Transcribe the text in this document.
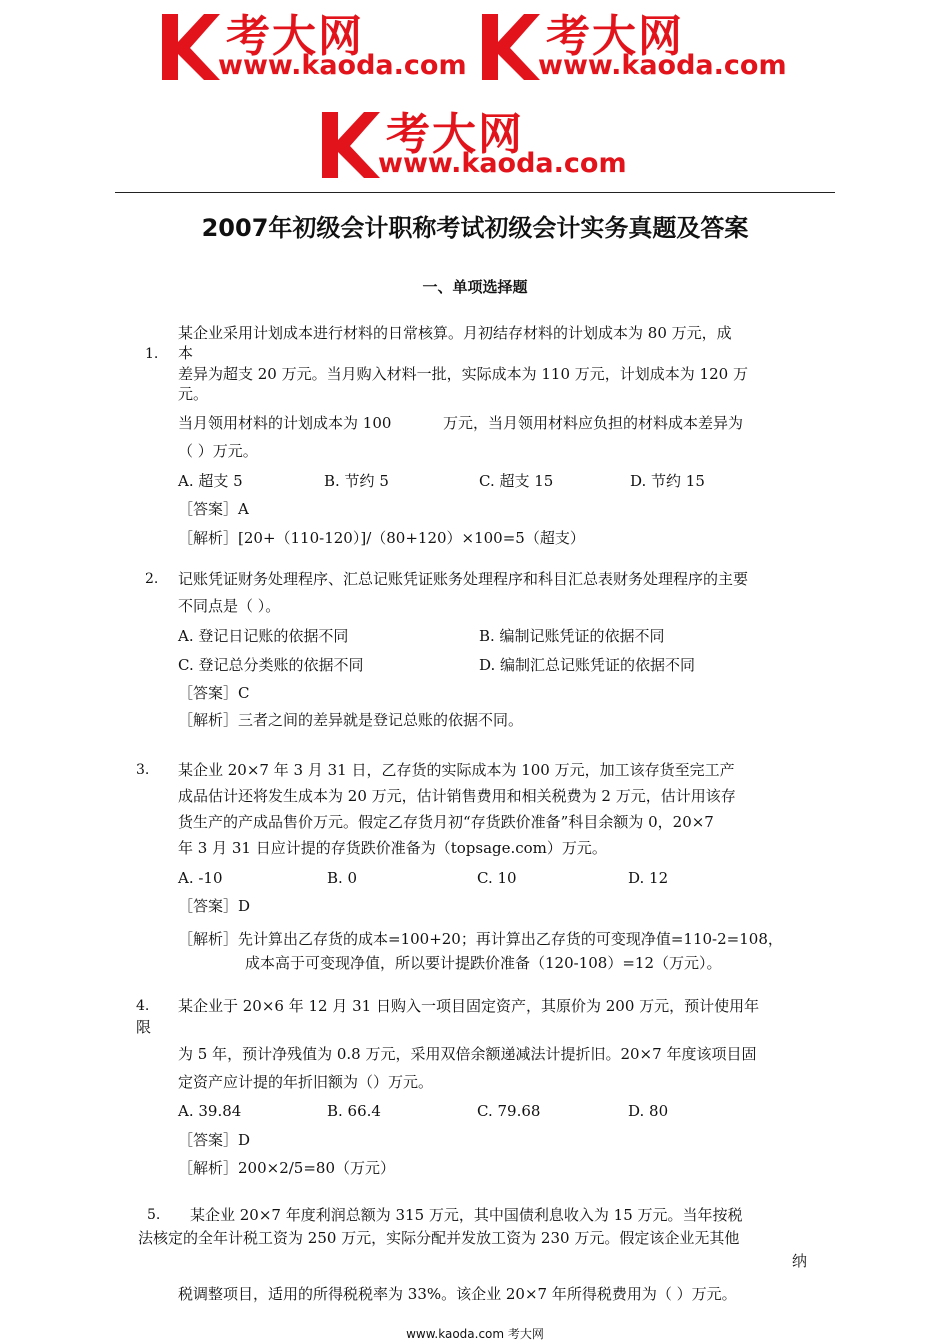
考大网
www.kaoda.com
考大网
www.kaoda.com
考大网
www.kaoda.com
2007年初级会计职称考试初级会计实务真题及答案
一、单项选择题
1.
某企业采用计划成本进行材料的日常核算。月初结存材料的计划成本为 80 万元，成
本
差异为超支 20 万元。当月购入材料一批，实际成本为 110 万元，计划成本为 120 万
元。
当月领用材料的计划成本为 100	万元，当月领用材料应负担的材料成本差异为
（ ）万元。
A. 超支 5	B. 节约 5	C. 超支 15	D. 节约 15
［答案］A
［解析］[20+（110-120）]/（80+120）×100=5（超支）
2. 记账凭证财务处理程序、汇总记账凭证账务处理程序和科目汇总表财务处理程序的主要
不同点是（ ）。
A. 登记日记账的依据不同	B. 编制记账凭证的依据不同
C. 登记总分类账的依据不同	D. 编制汇总记账凭证的依据不同
［答案］C
［解析］三者之间的差异就是登记总账的依据不同。
3. 某企业 20×7 年 3 月 31 日，乙存货的实际成本为 100 万元，加工该存货至完工产
成品估计还将发生成本为 20 万元，估计销售费用和相关税费为 2 万元，估计用该存
货生产的产成品售价万元。假定乙存货月初“存货跌价准备”科目余额为 0，20×7
年 3 月 31 日应计提的存货跌价准备为（topsage.com）万元。
A. -10	B. 0	C. 10	D. 12
［答案］D
［解析］先计算出乙存货的成本=100+20；再计算出乙存货的可变现净值=110-2=108，
成本高于可变现净值，所以要计提跌价准备（120-108）=12（万元）。
4. 某企业于 20×6 年 12 月 31 日购入一项目固定资产，其原价为 200 万元，预计使用年
限
为 5 年，预计净残值为 0.8 万元，采用双倍余额递减法计提折旧。20×7 年度该项目固
定资产应计提的年折旧额为（）万元。
A. 39.84	B. 66.4	C. 79.68	D. 80
［答案］D
［解析］200×2/5=80（万元）
5. 某企业 20×7 年度利润总额为 315 万元，其中国债利息收入为 15 万元。当年按税
法核定的全年计税工资为 250 万元，实际分配并发放工资为 230 万元。假定该企业无其他
纳
税调整项目，适用的所得税税率为 33%。该企业 20×7 年所得税费用为（ ）万元。
www.kaoda.com 考大网
